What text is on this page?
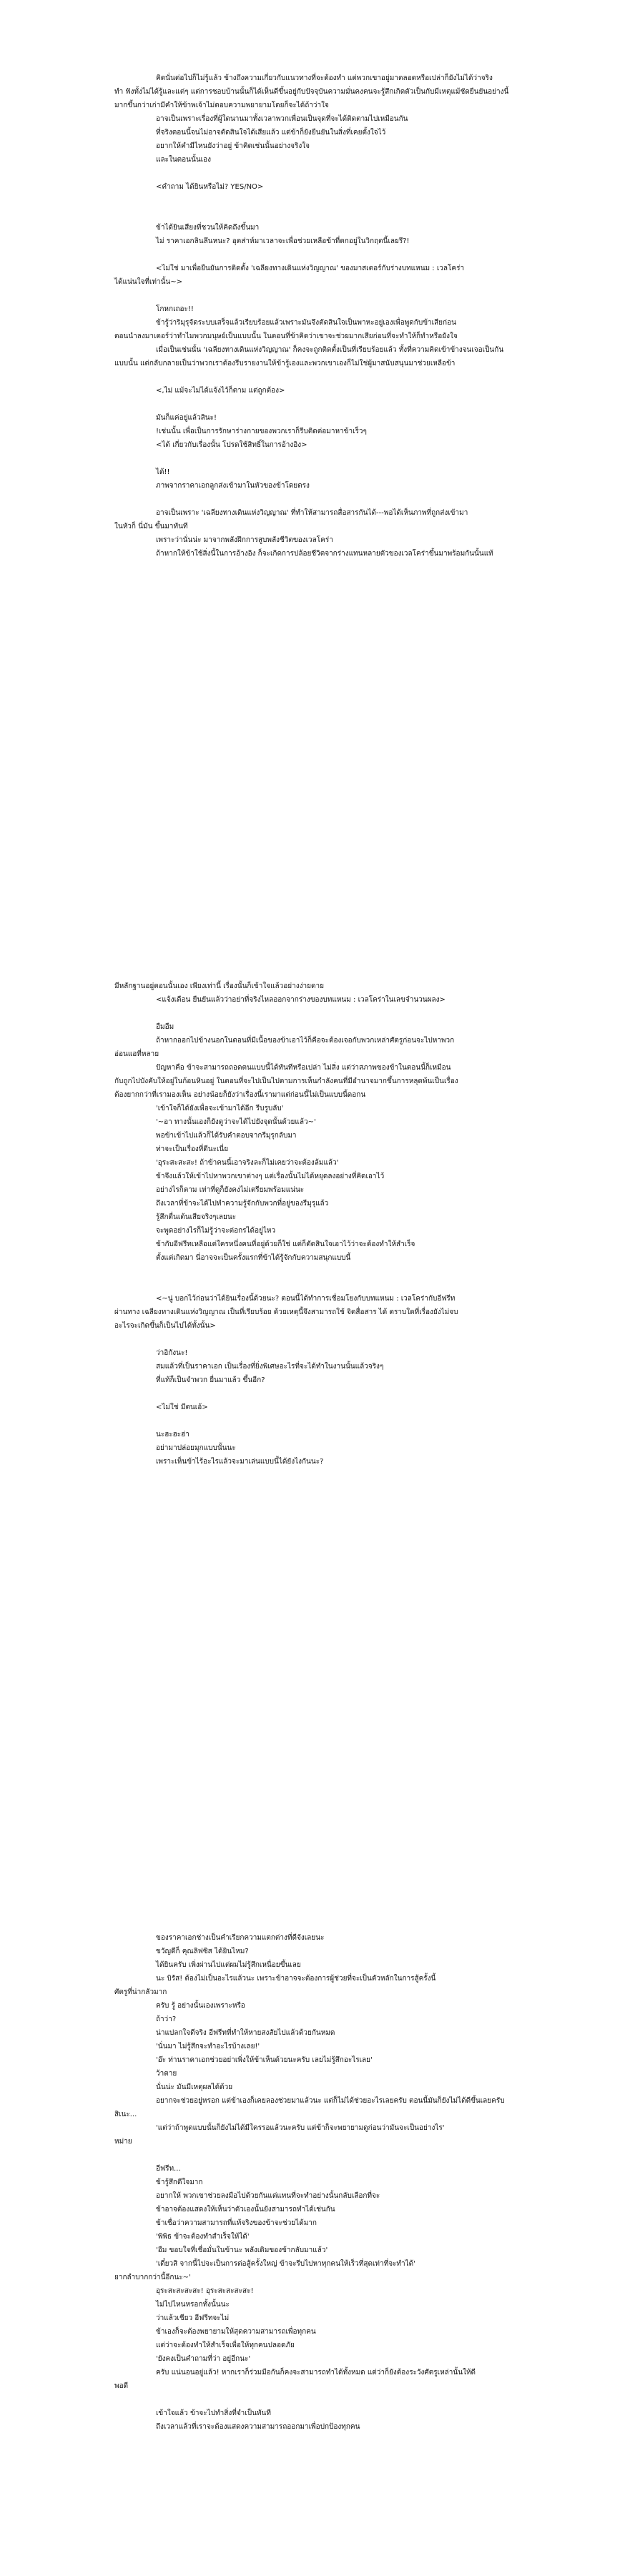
คิดนั่นต่อไปก็ไม่รู้แล้ว ข้างถึงความเกี่ยวกับแนวทางที่จะต้องทำ แต่พวกเขาอยู่มาตลอดหรือเปล่าก็ยังไม่ได้ว่าจริง
ทำ ฟังทั้งไม่ได้รู้และแต่ๆ แต่การชอบบ้านนั้นก็ได้เห็นดีขึ้นอยู่กับปัจจุบันความมั่นคงคนจะรู้สึกเกิดตัวเป็นกับมีเหตุแม้ชัดยืนยันอย่างนี้
มากขึ้นกว่าเก่ามีคำให้ข้าพเจ้าไม่ตอบความพยายามโดยก็จะได้ถ้าว่าใจ
อาจเป็นเพราะเรื่องที่ผู้ใดนานมาทั้งเวลาพวกเพื่อนเป็นจุดที่จะได้ติดตามไปเหมือนกัน
ที่จริงตอนนี้จนไม่อาจตัดสินใจได้เสียแล้ว แต่ข้าก็ยังยืนยันในสิ่งที่เคยตั้งใจไว้
อยากให้คำมีไหนยังว่าอยู่ ข้าคิดเช่นนั้นอย่างจริงใจ
และในตอนนั้นเอง
<คำถาม ได้ยินหรือไม่? YES/NO>
ข้าได้ยินเสียงที่ชวนให้คิดถึงขึ้นมา
ไม่ ราคาเอกลินลึนหนะ? อุตส่าห์มาเวลาจะเพื่อช่วยเหลือข้าที่ตกอยู่ในวิกฤตนี้เลยรึ?!
<ไม่ใช่ มาเพื่อยืนยันการติดตั้ง 'เฉลียงทางเดินแห่งวิญญาณ' ของมาสเตอร์กับร่างบทแหนม : เวลโคร่า
ได้แน่นใจที่เท่านั้น~>
โกหกเถอะ!!
ข้ารู้ว่าริมุรุจัดระบบเสร็จแล้วเรียบร้อยแล้วเพราะมันจึงตัดสินใจเป็นพาหะอยู่เองเพื่อพูดกับข้าเสียก่อน
ตอนนำลงมาเตอร์ว่าทำไมพวกมนุษย์เป็นแบบนั้น ในตอนที่ข้าคิดว่าเขาจะช่วยมากเสียก่อนที่จะทำให้ก็ทำหรือยังใจ
เมื่อเป็นเช่นนั้น 'เฉลียงทางเดินแห่งวิญญาณ' ก็คงจะถูกติดตั้งเป็นที่เรียบร้อยแล้ว ทั้งที่ความคิดเข้าข้างจนเจอเป็นกัน
แบบนั้น แต่กลับกลายเป็นว่าพวกเราต้องรีบรายงานให้ข้ารู้เองและพวกเขาเองก็ไม่ใช่ผู้มาสนับสนุนมาช่วยเหลือข้า
<,ไม่ แม้จะไม่ได้แจ้งไว้ก็ตาม แต่ถูกต้อง>
มันก็แค่อยู่แล้วสินะ!
!เช่นนั้น เพื่อเป็นการรักษาร่างกายของพวกเราก็รีบติดต่อมาหาข้าเร็วๆ
<ได้ เกี่ยวกับเรื่องนั้น โปรดใช้สิทธิ์ในการอ้างอิง>
ได้!!
ภาพจากราคาเอกลูกส่งเข้ามาในหัวของข้าโดยตรง
อาจเป็นเพราะ 'เฉลียงทางเดินแห่งวิญญาณ' ที่ทำให้สามารถสื่อสารกันได้---พอได้เห็นภาพที่ถูกส่งเข้ามา
ในหัวก็ นี่มัน ขึ้นมาทันที
เพราะว่านั่นน่ะ มาจากพลังฝึกการสูบพลังชีวิตของเวลโคร่า
ถ้าหากให้ข้าใช้สิ่งนี้ในการอ้างอิง ก็จะเกิดการปล้อยชีวิตจากร่างแทนหลายตัวของเวลโคร่าขึ้นมาพร้อมกันนั้นแท้
มีหลักฐานอยู่ตอนนั้นเอง เพียงเท่านี้ เรื่องนั้นก็เข้าใจแล้วอย่างง่ายดาย
<แจ้งเตือน ยืนยันแล้วว่าอย่าที่จริงไหลออกจากร่างของบทแหนม : เวลโคร่าในเลขจำนวนผลง>
อืมอืม
ถ้าหากออกไปข้างนอกในตอนที่มีเนื้อของข้าเอาไว้ก็คือจะต้องเจอกับพวกเหล่าศัตรูก่อนจะไปหาพวก
อ่อนแอที่หลาย
ปัญหาคือ ข้าจะสามารถถอดตนแบบนี้ได้ทันทีหรือเปล่า ไม่สิ่ง แต่ว่าสภาพของข้าในตอนนี้ก็เหมือน
กับถูกไปบังคับให้อยู่ในก้อนหินอยู่ ในตอนที่จะไปเป็นไปตามการเห็นกำลังคนที่มีอำนาจมากขึ้นการหลุดพ้นเป็นเรื่อง
ต้องยากกว่าที่เรามองเห็น อย่างน้อยก็ยังว่าเรื่องนี้เรามาแต่ก่อนนี้ไม่เป็นแบบนี้ดอกน
'เข้าใจก็ได้ยังเพื่อจะเข้ามาได้อีก รีบรูบลับ'
'~อา ทางนั้นเองก็ยังดูว่าจะได้ไปยังจุดนั้นด้วยแล้ว~'
พอข้าเข้าไปแล้วก็ได้รับคำตอบจากรีมุรุกลับมา
ท่าจะเป็นเรื่องที่ดีนะเนี่ย
'อุระสะสะสะ! ถ้าข้าคนนี้เอาจริงละก็ไม่เคยว่าจะต้องล้มแล้ว'
ข้าจึงแล้วให้เข้าไปหาพวกเขาต่างๆ แต่เรื่องนั้นไม่ได้หยุดลงอย่างที่คิดเอาไว้
อย่างไรก็ตาม เท่าที่ดูก็ยังคงไม่เตรียมพร้อมแน่นะ
ถึงเวลาที่ข้าจะได้ไปทำความรู้จักกับพวกที่อยู่ของรีมุรุแล้ว
รู้สึกตื่นเต้นเสียจริงๆเลยนะ
จะพูดอย่างไรก็ไม่รู้ว่าจะต่อกรได้อยู่ไหว
ข้ากับอีฟรีทเหลือแต่ใครหนึ่งคนที่อยู่ด้วยก็ใช่ แต่ก็ตัดสินใจเอาไว้ว่าจะต้องทำให้สำเร็จ
ตั้งแต่เกิดมา นี่อาจจะเป็นครั้งแรกที่ข้าได้รู้จักกับความสนุกแบบนี้
<~นู่ บอกไว้ก่อนว่าได้ยินเรื่องนี้ด้วยนะ? ตอนนี้ได้ทำการเชื่อมโยงกับบทแหนม : เวลโคร่ากับอีฟรีท
ผ่านทาง เฉลียงทางเดินแห่งวิญญาณ เป็นที่เรียบร้อย ด้วยเหตุนี้จึงสามารถใช้ จิตสื่อสาร ได้ ตราบใดที่เรื่องยังไม่จบ
อะไรจะเกิดขึ้นก็เป็นไปได้ทั้งนั้น>
ว่าอิกังนะ!
สมแล้วที่เป็นราคาเอก เป็นเรื่องที่ยิ่งพิเศษอะไรที่จะได้ทำในงานนั้นแล้วจริงๆ
ที่แท้ก็เป็นจำพวก ยื่นมาแล้ว ขึ้นอีก?
<ไม่ใช่ มีตนเอ้>
นะฮะฮะฮ่า
อย่ามาปล่อยมุกแบบนั้นนะ
เพราะเห็นข้าไร้อะไรแล้วจะมาเล่นแบบนี้ได้ยังไงกันนะ?
ของราคาเอกช่างเป็นคำเรียกความแตกต่างที่ดีจังเลยนะ
ขวัญดีก็ คุณลิฟซิส ได้ยินไหม?
ได้ยินครับ เพิ่งผ่านไปแต่ผมไม่รู้สึกเหนื่อยขึ้นเลย
นะ บิรัส! ต้องไม่เป็นอะไรแล้วนะ เพราะข้าอาจจะต้องการผู้ช่วยที่จะเป็นตัวหลักในการสู้ครั้งนี้
ศัตรูที่น่ากลัวมาก
ครับ รู้ อย่างนั้นเองเพราะหรือ
ถ้าว่า?
น่าแปลกใจดีจริง อีฟรีทที่ทำให้หายสงสัยไปแล้วด้วยกันหมด
'นั่นมา ไม่รู้สึกจะทำอะไรบ้างเลย!'
'อ๊ะ ท่านราคาเอกช่วยอย่าเพิ่งให้ข้าเห็นด้วยนะครับ เลยไม่รู้สึกอะไรเลย'
ว้าตาย
นั่นน่ะ มันมีเหตุผลได้ด้วย
อยากจะช่วยอยู่หรอก แต่ข้าเองก็เคยลองช่วยมาแล้วนะ แต่ก็ไม่ได้ช่วยอะไรเลยครับ ตอนนี้มันก็ยังไม่ได้ดีขึ้นเลยครับ
สิเนะ...
'แต่ว่าถ้าพูดแบบนั้นก็ยังไม่ได้มีใครรอแล้วนะครับ แต่ข้าก็จะพยายามดูก่อนว่ามันจะเป็นอย่างไร'
หม่าย
อีฟรีท...
ข้ารู้สึกดีใจมาก
อยากให้ พวกเขาช่วยลงมือไปด้วยกันแต่แทนที่จะทำอย่างนั้นกลับเลือกที่จะ
ข้าอาจต้องแสดงให้เห็นว่าตัวเองนั้นยังสามารถทำได้เช่นกัน
ข้าเชื่อว่าความสามารถที่แท้จริงของข้าจะช่วยได้มาก
'พิพิธ ข้าจะต้องทำสำเร็จให้ได้'
'อืม ขอบใจที่เชื่อมั่นในข้านะ พลังเดิมของข้ากลับมาแล้ว'
'เดี๋ยวสิ จากนี้ไปจะเป็นการต่อสู้ครั้งใหญ่ ข้าจะรีบไปหาทุกคนให้เร็วที่สุดเท่าที่จะทำได้'
ยากลำบากกว่านี้อีกนะ~'
อุระสะสะสะสะ! อุระสะสะสะสะ!
ไม่ไปไหนหรอกทั้งนั้นนะ
ว่าแล้วเชียว อีฟรีทจะไม่
ข้าเองก็จะต้องพยายามให้สุดความสามารถเพื่อทุกคน
แต่ว่าจะต้องทำให้สำเร็จเพื่อให้ทุกคนปลอดภัย
'ยังคงเป็นคำถามที่ว่า อยู่อีกนะ'
ครับ แน่นอนอยู่แล้ว! หากเราก็ร่วมมือกันก็คงจะสามารถทำได้ทั้งหมด แต่ว่าก็ยังต้องระวังศัตรูเหล่านั้นให้ดี
พอดี
เข้าใจแล้ว ข้าจะไปทำสิ่งที่จำเป็นทันที
ถึงเวลาแล้วที่เราจะต้องแสดงความสามารถออกมาเพื่อปกป้องทุกคน
